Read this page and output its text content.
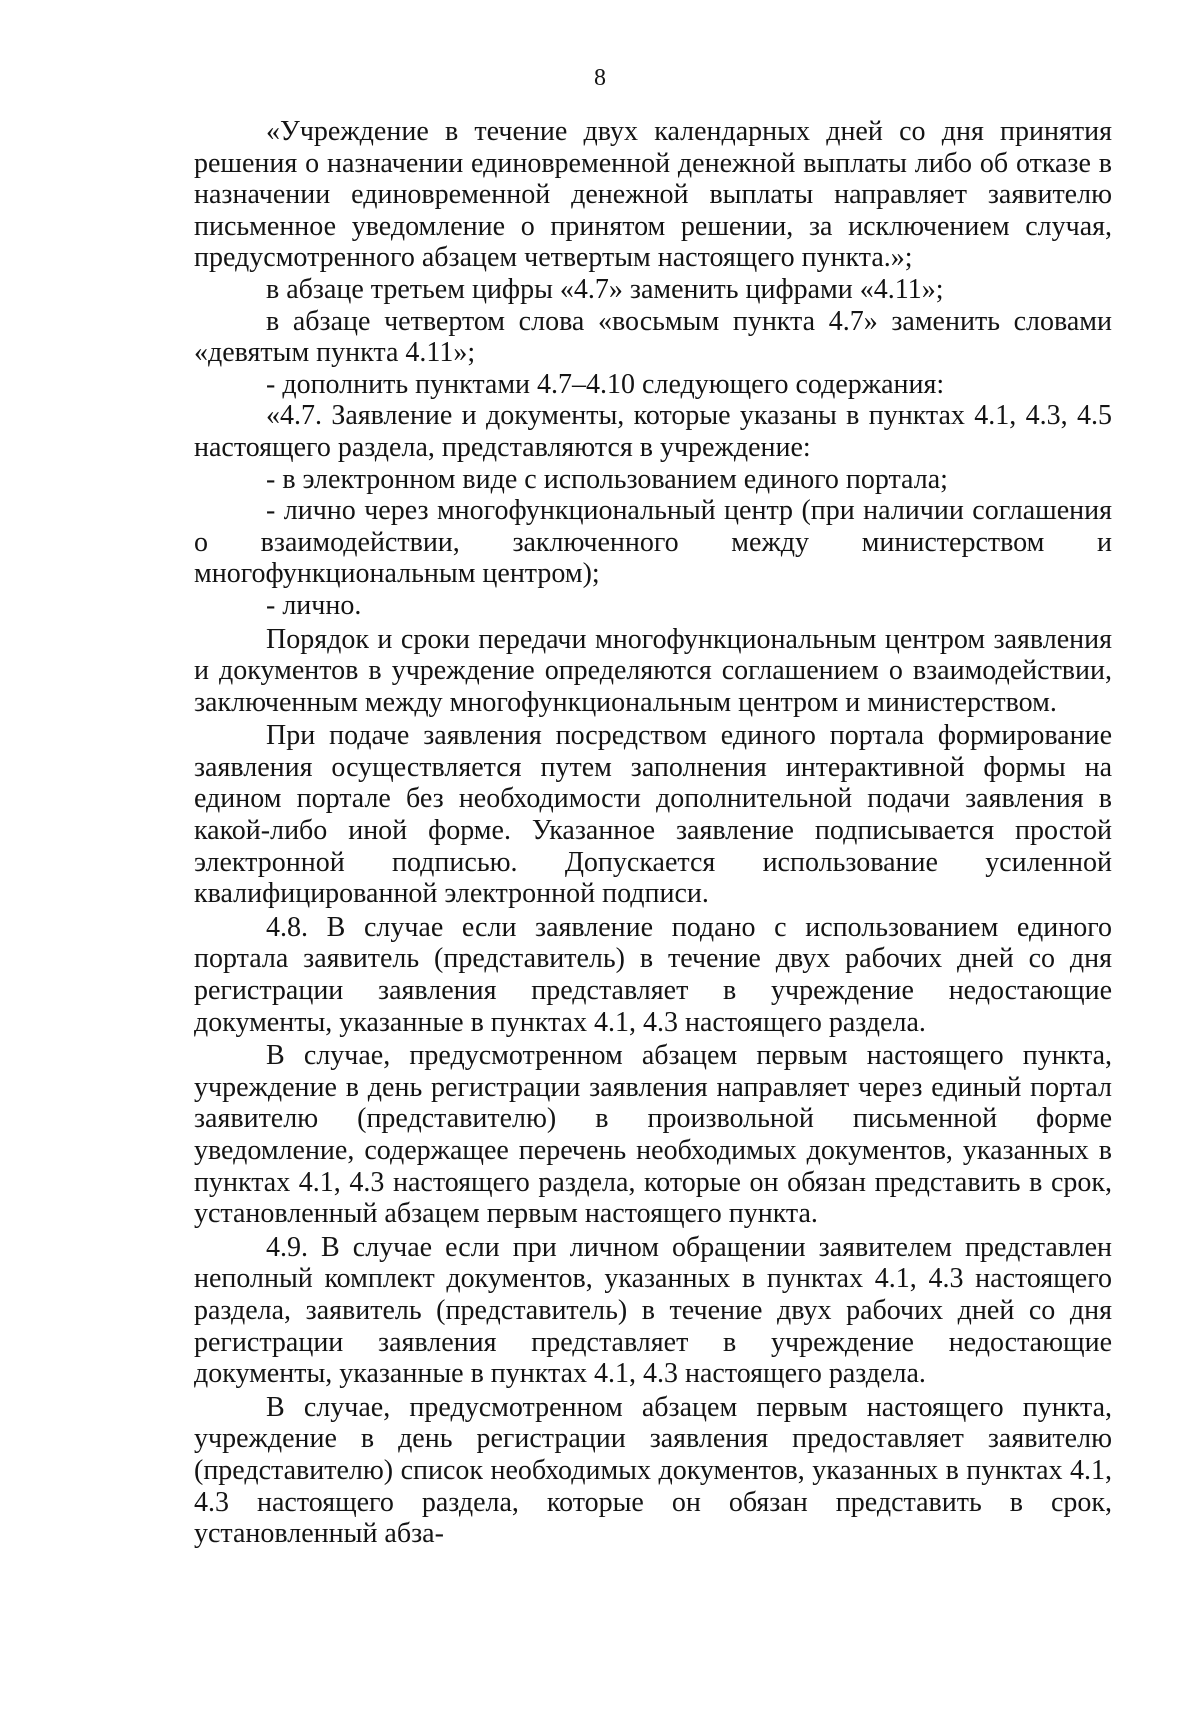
8

«Учреждение в течение двух календарных дней со дня принятия решения о назначении единовременной денежной выплаты либо об отказе в назначении единовременной денежной выплаты направляет заявителю письменное уведомление о принятом решении, за исключением случая, предусмотренного абзацем четвертым настоящего пункта.»;

в абзаце третьем цифры «4.7» заменить цифрами «4.11»;

в абзаце четвертом слова «восьмым пункта 4.7» заменить словами «девятым пункта 4.11»;

- дополнить пунктами 4.7–4.10 следующего содержания:

«4.7. Заявление и документы, которые указаны в пунктах 4.1, 4.3, 4.5 настоящего раздела, представляются в учреждение:

- в электронном виде с использованием единого портала;

- лично через многофункциональный центр (при наличии соглашения о взаимодействии, заключенного между министерством и многофункциональным центром);

- лично.

Порядок и сроки передачи многофункциональным центром заявления и документов в учреждение определяются соглашением о взаимодействии, заключенным между многофункциональным центром и министерством.

При подаче заявления посредством единого портала формирование заявления осуществляется путем заполнения интерактивной формы на едином портале без необходимости дополнительной подачи заявления в какой-либо иной форме. Указанное заявление подписывается простой электронной подписью. Допускается использование усиленной квалифицированной электронной подписи.

4.8. В случае если заявление подано с использованием единого портала заявитель (представитель) в течение двух рабочих дней со дня регистрации заявления представляет в учреждение недостающие документы, указанные в пунктах 4.1, 4.3 настоящего раздела.

В случае, предусмотренном абзацем первым настоящего пункта, учреждение в день регистрации заявления направляет через единый портал заявителю (представителю) в произвольной письменной форме уведомление, содержащее перечень необходимых документов, указанных в пунктах 4.1, 4.3 настоящего раздела, которые он обязан представить в срок, установленный абзацем первым настоящего пункта.

4.9. В случае если при личном обращении заявителем представлен неполный комплект документов, указанных в пунктах 4.1, 4.3 настоящего раздела, заявитель (представитель) в течение двух рабочих дней со дня регистрации заявления представляет в учреждение недостающие документы, указанные в пунктах 4.1, 4.3 настоящего раздела.

В случае, предусмотренном абзацем первым настоящего пункта, учреждение в день регистрации заявления предоставляет заявителю (представителю) список необходимых документов, указанных в пунктах 4.1, 4.3 настоящего раздела, которые он обязан представить в срок, установленный абза-
